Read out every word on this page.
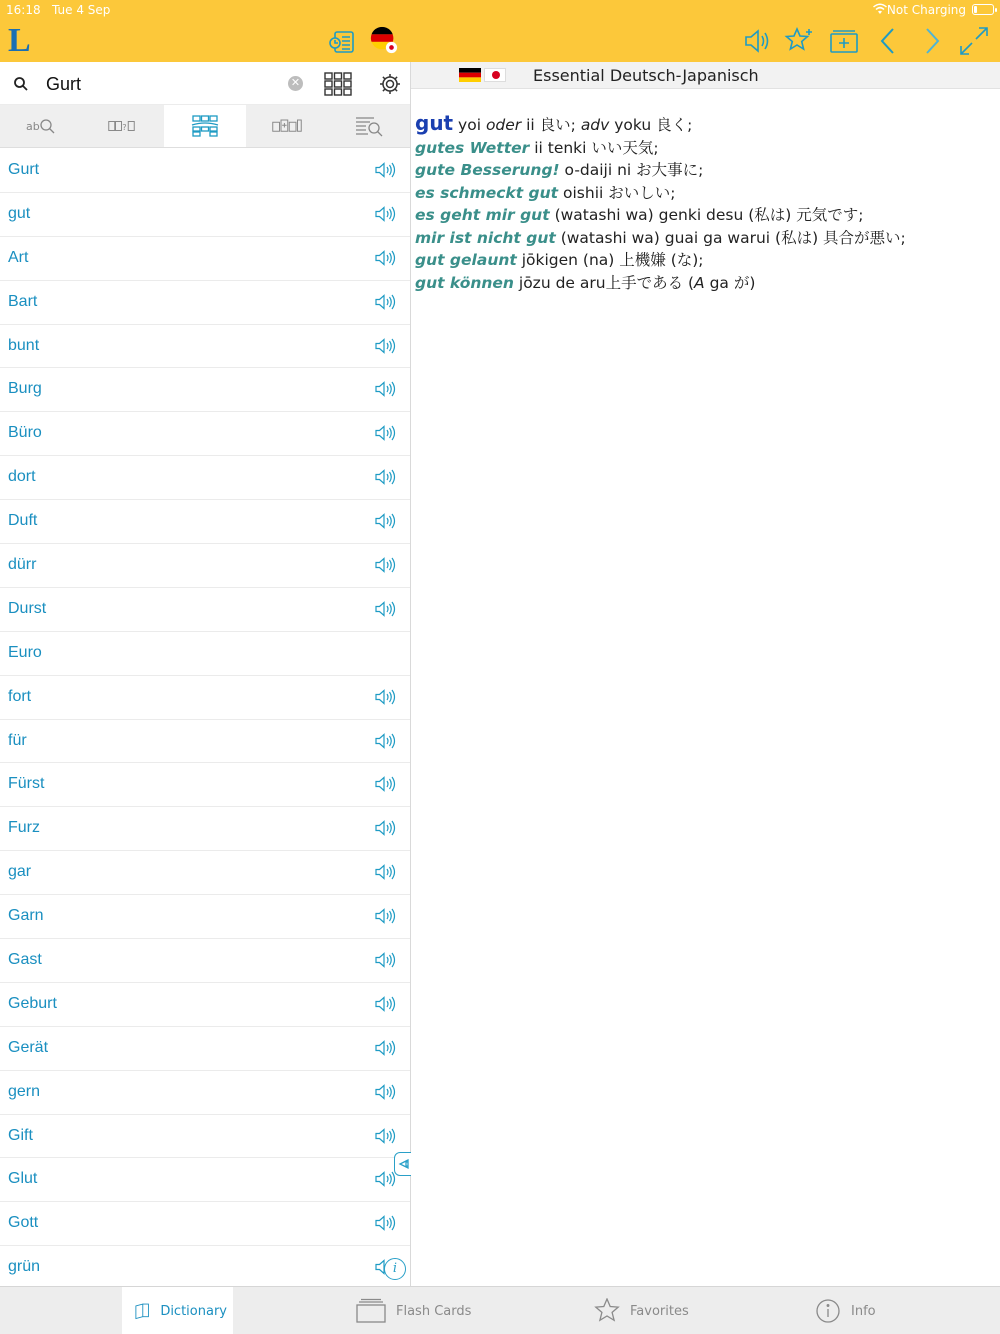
16:18 Tue 4 Sep	Not Charging
L
Gurt
✕
ab	?
Gurt
gut
Art
Bart
bunt
Burg
Büro
dort
Duft
dürr
Durst
Euro
fort
für
Fürst
Furz
gar
Garn
Gast
Geburt
Gerät
gern
Gift
Glut
Gott
grün	i
Essential Deutsch-Japanisch
gut yoi oder ii 良い; adv yoku 良く;
gutes Wetter ii tenki いい天気;
gute Besserung! o-daiji ni お大事に;
es schmeckt gut oishii おいしい;
es geht mir gut (watashi wa) genki desu (私は) 元気です;
mir ist nicht gut (watashi wa) guai ga warui (私は) 具合が悪い;
gut gelaunt jōkigen (na) 上機嫌 (な);
gut können jōzu de aru上手である (A ga が)
Dictionary	Flash Cards	Favorites	Info
